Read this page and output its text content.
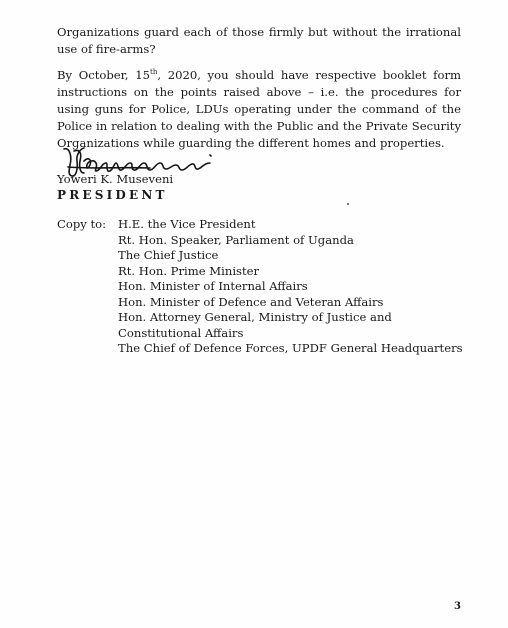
Organizations guard each of those firmly but without the irrational use of fire-arms?

By October, 15th, 2020, you should have respective booklet form instructions on the points raised above – i.e. the procedures for using guns for Police, LDUs operating under the command of the Police in relation to dealing with the Public and the Private Security Organizations while guarding the different homes and properties.

Yoweri K. Museveni
PRESIDENT
Copy to: H.E. the Vice President
Rt. Hon. Speaker, Parliament of Uganda
The Chief Justice
Rt. Hon. Prime Minister
Hon. Minister of Internal Affairs
Hon. Minister of Defence and Veteran Affairs
Hon. Attorney General, Ministry of Justice and
Constitutional Affairs
The Chief of Defence Forces, UPDF General Headquarters
3
